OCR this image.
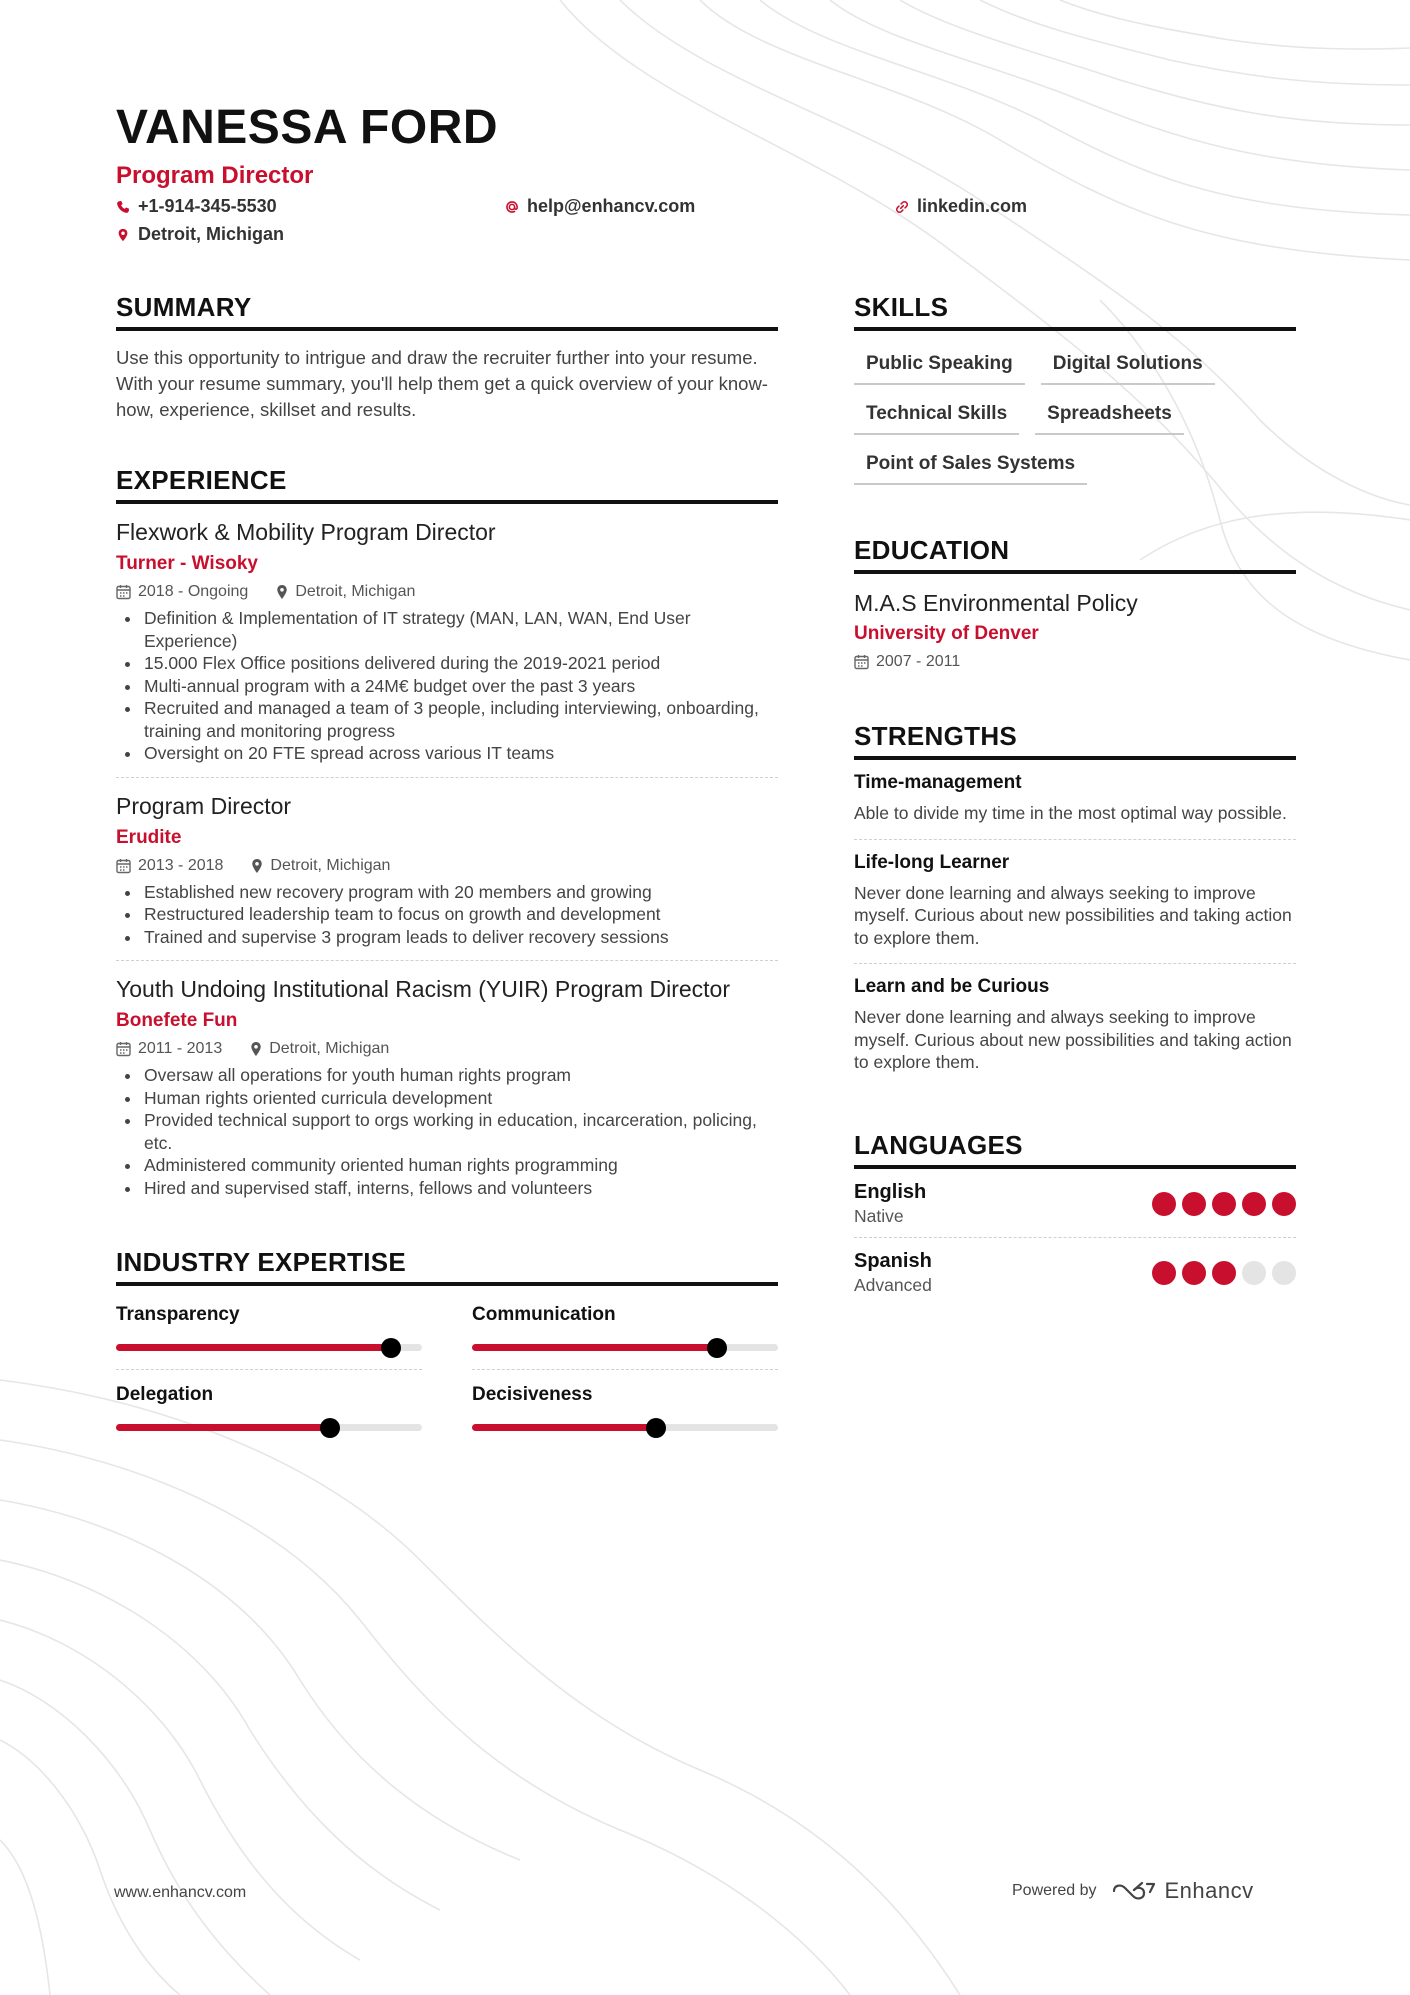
VANESSA FORD
Program Director
+1-914-345-5530	help@enhancv.com	linkedin.com
Detroit, Michigan
SUMMARY

Use this opportunity to intrigue and draw the recruiter further into your resume. With your resume summary, you'll help them get a quick overview of your know-how, experience, skillset and results.

EXPERIENCE
Flexwork & Mobility Program Director
Turner - Wisoky
2018 - Ongoing	Detroit, Michigan
• Definition & Implementation of IT strategy (MAN, LAN, WAN, End User Experience)
• 15.000 Flex Office positions delivered during the 2019-2021 period
• Multi-annual program with a 24M€ budget over the past 3 years
• Recruited and managed a team of 3 people, including interviewing, onboarding, training and monitoring progress
• Oversight on 20 FTE spread across various IT teams
Program Director
Erudite
2013 - 2018	Detroit, Michigan
• Established new recovery program with 20 members and growing
• Restructured leadership team to focus on growth and development
• Trained and supervise 3 program leads to deliver recovery sessions
Youth Undoing Institutional Racism (YUIR) Program Director
Bonefete Fun
2011 - 2013	Detroit, Michigan
• Oversaw all operations for youth human rights program
• Human rights oriented curricula development
• Provided technical support to orgs working in education, incarceration, policing, etc.
• Administered community oriented human rights programming
• Hired and supervised staff, interns, fellows and volunteers
INDUSTRY EXPERTISE
Transparency	Communication
Delegation	Decisiveness
SKILLS
Public Speaking	Digital Solutions
Technical Skills	Spreadsheets
Point of Sales Systems
EDUCATION
M.A.S Environmental Policy
University of Denver
2007 - 2011
STRENGTHS
Time-management
Able to divide my time in the most optimal way possible.
Life-long Learner
Never done learning and always seeking to improve myself. Curious about new possibilities and taking action to explore them.
Learn and be Curious
Never done learning and always seeking to improve myself. Curious about new possibilities and taking action to explore them.
LANGUAGES
English
Native
Spanish
Advanced
www.enhancv.com	Powered by	Enhancv
